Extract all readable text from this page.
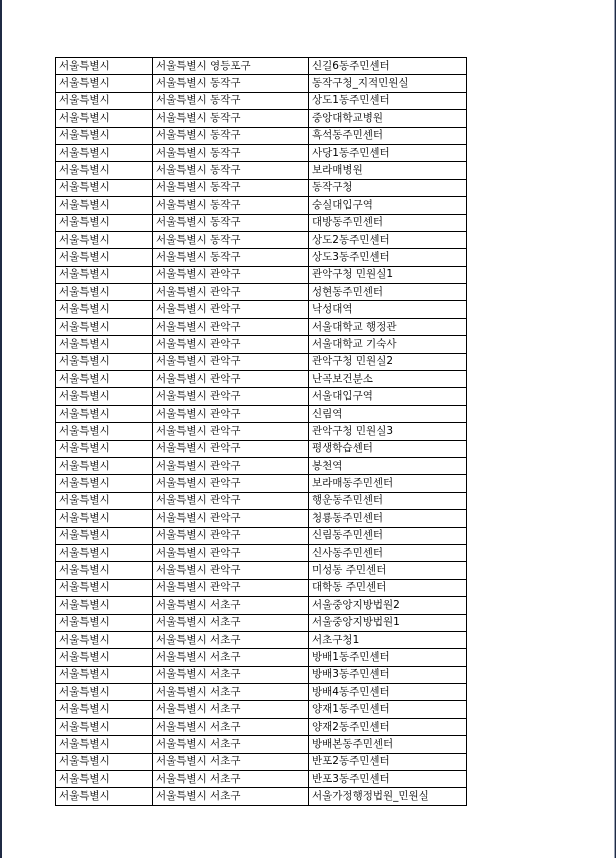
서울특별시	서울특별시 영등포구	신길6동주민센터
서울특별시	서울특별시 동작구	동작구청_지적민원실
서울특별시	서울특별시 동작구	상도1동주민센터
서울특별시	서울특별시 동작구	중앙대학교병원
서울특별시	서울특별시 동작구	흑석동주민센터
서울특별시	서울특별시 동작구	사당1동주민센터
서울특별시	서울특별시 동작구	보라매병원
서울특별시	서울특별시 동작구	동작구청
서울특별시	서울특별시 동작구	숭실대입구역
서울특별시	서울특별시 동작구	대방동주민센터
서울특별시	서울특별시 동작구	상도2동주민센터
서울특별시	서울특별시 동작구	상도3동주민센터
서울특별시	서울특별시 관악구	관악구청 민원실1
서울특별시	서울특별시 관악구	성현동주민센터
서울특별시	서울특별시 관악구	낙성대역
서울특별시	서울특별시 관악구	서울대학교 행정관
서울특별시	서울특별시 관악구	서울대학교 기숙사
서울특별시	서울특별시 관악구	관악구청 민원실2
서울특별시	서울특별시 관악구	난곡보건분소
서울특별시	서울특별시 관악구	서울대입구역
서울특별시	서울특별시 관악구	신림역
서울특별시	서울특별시 관악구	관악구청 민원실3
서울특별시	서울특별시 관악구	평생학습센터
서울특별시	서울특별시 관악구	봉천역
서울특별시	서울특별시 관악구	보라매동주민센터
서울특별시	서울특별시 관악구	행운동주민센터
서울특별시	서울특별시 관악구	청룡동주민센터
서울특별시	서울특별시 관악구	신림동주민센터
서울특별시	서울특별시 관악구	신사동주민센터
서울특별시	서울특별시 관악구	미성동 주민센터
서울특별시	서울특별시 관악구	대학동 주민센터
서울특별시	서울특별시 서초구	서울중앙지방법원2
서울특별시	서울특별시 서초구	서울중앙지방법원1
서울특별시	서울특별시 서초구	서초구청1
서울특별시	서울특별시 서초구	방배1동주민센터
서울특별시	서울특별시 서초구	방배3동주민센터
서울특별시	서울특별시 서초구	방배4동주민센터
서울특별시	서울특별시 서초구	양재1동주민센터
서울특별시	서울특별시 서초구	양재2동주민센터
서울특별시	서울특별시 서초구	방배본동주민센터
서울특별시	서울특별시 서초구	반포2동주민센터
서울특별시	서울특별시 서초구	반포3동주민센터
서울특별시	서울특별시 서초구	서울가정행정법원_민원실
